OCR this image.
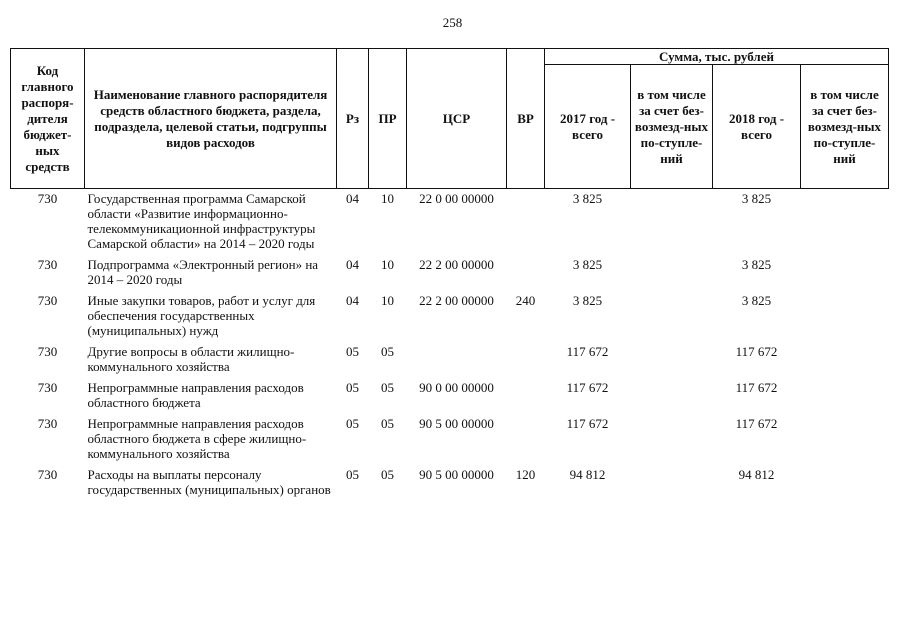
258
Код главного распоря-дителя бюджет-ных средств	Наименование главного распорядителя средств областного бюджета, раздела, подраздела, целевой статьи, подгруппы видов расходов	Рз	ПР	ЦСР	ВР	Сумма, тыс. рублей			
						2017 год - всего	в том числе за счет без-возмезд-ных по-ступле-ний	2018 год - всего	в том числе за счет без-возмезд-ных по-ступле-ний
730	Государственная программа Самарской области «Развитие информационно-телекоммуникационной инфраструктуры Самарской области» на 2014 – 2020 годы	04	10	22 0 00 00000		3 825		3 825	
730	Подпрограмма «Электронный регион» на 2014 – 2020 годы	04	10	22 2 00 00000		3 825		3 825	
730	Иные закупки товаров, работ и услуг для обеспечения государственных (муниципальных) нужд	04	10	22 2 00 00000	240	3 825		3 825	
730	Другие вопросы в области жилищно-коммунального хозяйства	05	05			117 672		117 672	
730	Непрограммные направления расходов областного бюджета	05	05	90 0 00 00000		117 672		117 672	
730	Непрограммные направления расходов областного бюджета в сфере жилищно-коммунального хозяйства	05	05	90 5 00 00000		117 672		117 672	
730	Расходы на выплаты персоналу государственных (муниципальных) органов	05	05	90 5 00 00000	120	94 812		94 812	
